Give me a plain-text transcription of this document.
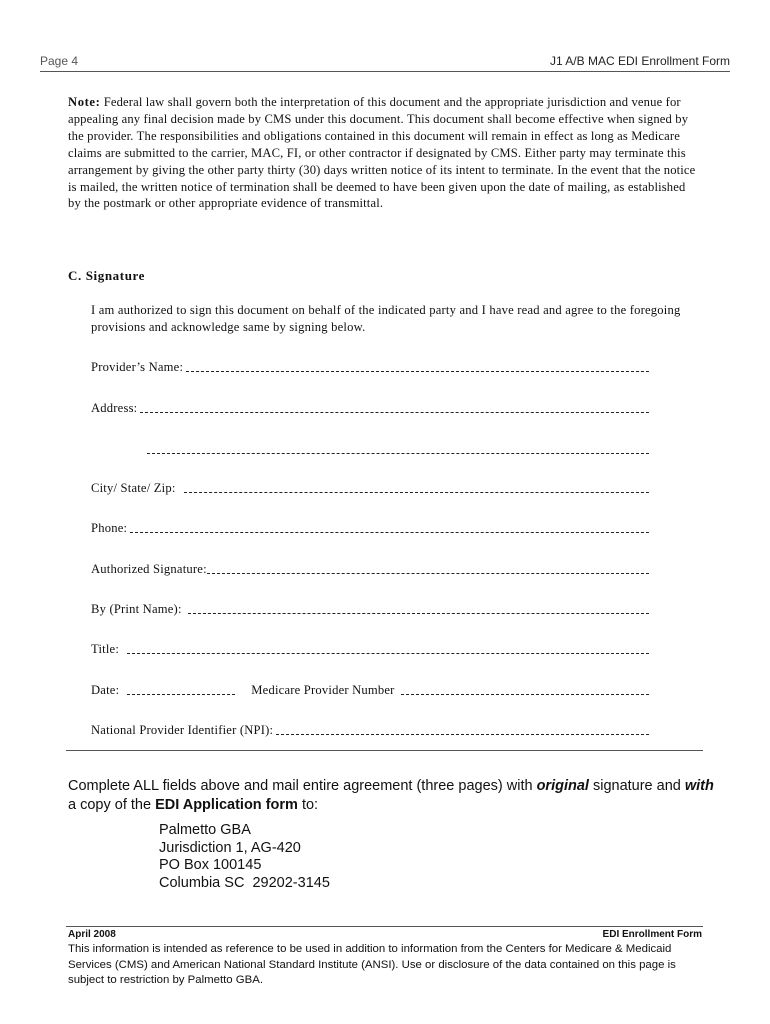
Page 4	J1 A/B MAC EDI Enrollment Form
Note: Federal law shall govern both the interpretation of this document and the appropriate jurisdiction and venue for appealing any final decision made by CMS under this document. This document shall become effective when signed by the provider. The responsibilities and obligations contained in this document will remain in effect as long as Medicare claims are submitted to the carrier, MAC, FI, or other contractor if designated by CMS. Either party may terminate this arrangement by giving the other party thirty (30) days written notice of its intent to terminate. In the event that the notice is mailed, the written notice of termination shall be deemed to have been given upon the date of mailing, as established by the postmark or other appropriate evidence of transmittal.
C. Signature
I am authorized to sign this document on behalf of the indicated party and I have read and agree to the foregoing provisions and acknowledge same by signing below.
Provider’s Name:
Address:
City/ State/ Zip:
Phone:
Authorized Signature:
By (Print Name):
Title:
Date:	Medicare Provider Number
National Provider Identifier (NPI):
Complete ALL fields above and mail entire agreement (three pages) with original signature and with a copy of the EDI Application form to:
Palmetto GBA
Jurisdiction 1, AG-420
PO Box 100145
Columbia SC  29202-3145
April 2008	EDI Enrollment Form
This information is intended as reference to be used in addition to information from the Centers for Medicare & Medicaid Services (CMS) and American National Standard Institute (ANSI). Use or disclosure of the data contained on this page is subject to restriction by Palmetto GBA.
